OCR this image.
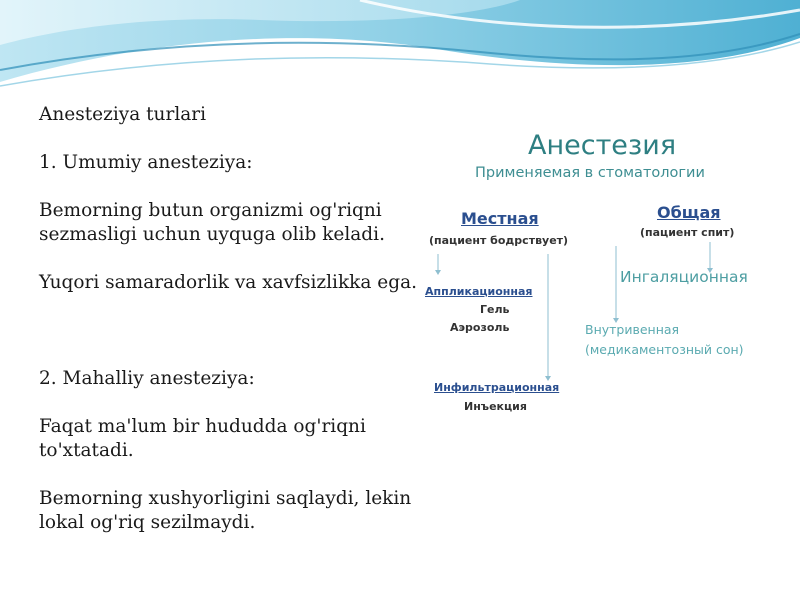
Anesteziya turlari

1. Umumiy anesteziya:

Bemorning butun organizmi og'riqni sezmasligi uchun uyquga olib keladi.

Yuqori samaradorlik va xavfsizlikka ega.

2. Mahalliy anesteziya:

Faqat ma'lum bir hududda og'riqni to'xtatadi.

Bemorning xushyorligini saqlaydi, lekin lokal og'riq sezilmaydi.

Анестезия
Применяемая в стоматологии
Местная
(пациент бодрствует)
Общая
(пациент спит)
Ингаляционная
Аппликационная
Гель
Аэрозоль	Внутривенная
(медикаментозный сон)
Инфильтрационная
Инъекция
